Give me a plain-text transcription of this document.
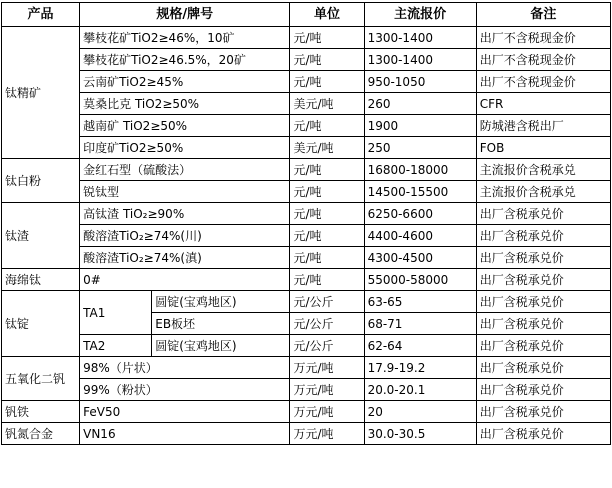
产品	规格/牌号		单位	主流报价	备注
钛精矿	攀枝花矿TiO2≥46%，10矿		元/吨	1300-1400	出厂不含税现金价
	攀枝花矿TiO2≥46.5%，20矿		元/吨	1300-1400	出厂不含税现金价
	云南矿TiO2≥45%		元/吨	950-1050	出厂不含税现金价
	莫桑比克 TiO2≥50%		美元/吨	260	CFR
	越南矿 TiO2≥50%		元/吨	1900	防城港含税出厂
	印度矿TiO2≥50%		美元/吨	250	FOB
钛白粉	金红石型（硫酸法）		元/吨	16800-18000	主流报价含税承兑
	锐钛型		元/吨	14500-15500	主流报价含税承兑
钛渣	高钛渣 TiO₂≥90%		元/吨	6250-6600	出厂含税承兑价
	酸溶渣TiO₂≥74%(川)		元/吨	4400-4600	出厂含税承兑价
	酸溶渣TiO₂≥74%(滇)		元/吨	4300-4500	出厂含税承兑价
海绵钛	0#		元/吨	55000-58000	出厂含税承兑价
钛锭	TA1	圆锭(宝鸡地区)	元/公斤	63-65	出厂含税承兑价
		EB板坯	元/公斤	68-71	出厂含税承兑价
	TA2	圆锭(宝鸡地区)	元/公斤	62-64	出厂含税承兑价
五氧化二钒	98%（片状）		万元/吨	17.9-19.2	出厂含税承兑价
	99%（粉状）		万元/吨	20.0-20.1	出厂含税承兑价
钒铁	FeV50		万元/吨	20	出厂含税承兑价
钒氮合金	VN16		万元/吨	30.0-30.5	出厂含税承兑价
